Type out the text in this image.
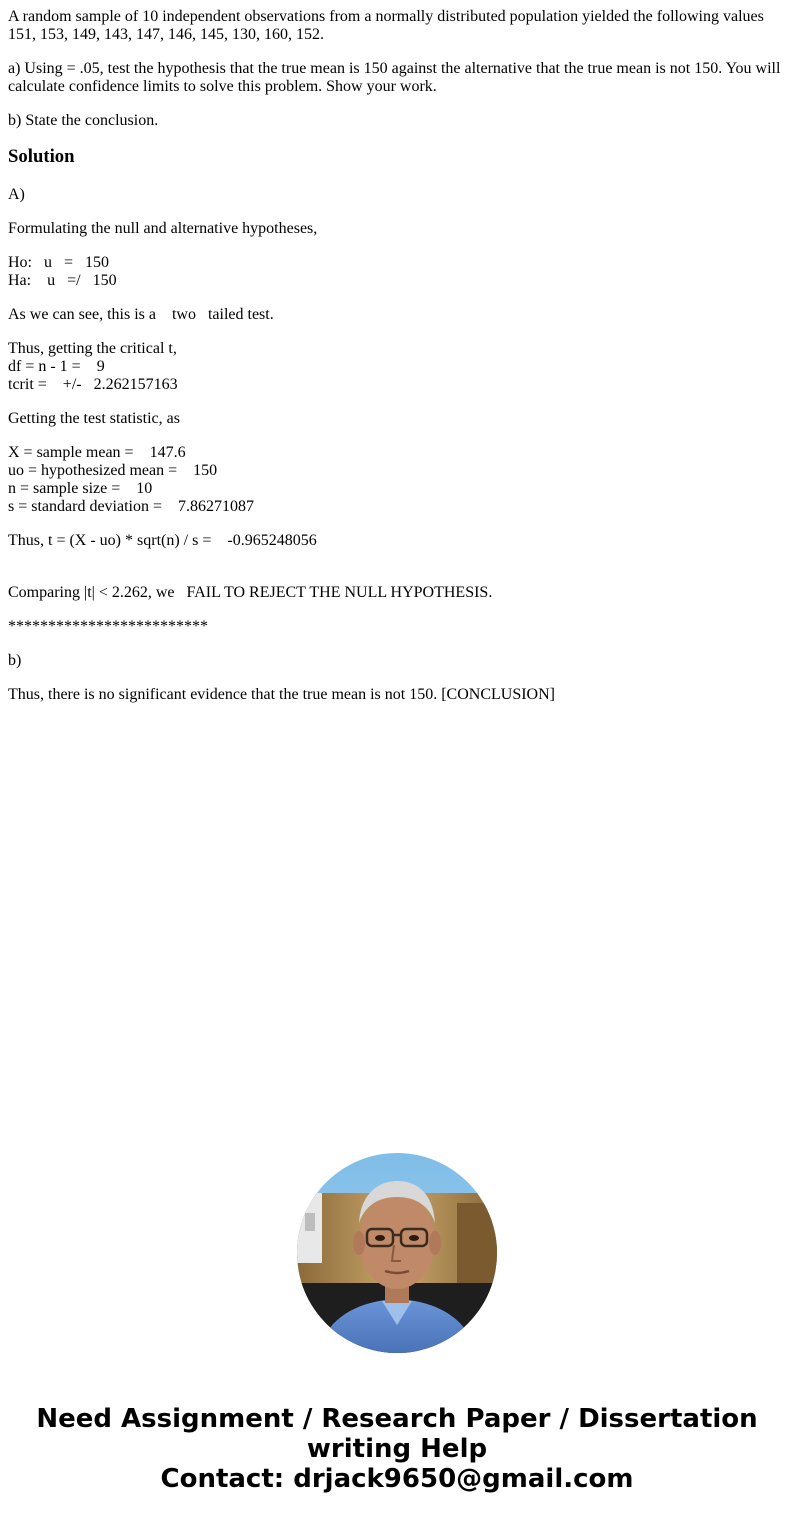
A random sample of 10 independent observations from a normally distributed population yielded the following values 151, 153, 149, 143, 147, 146, 145, 130, 160, 152.

a) Using = .05, test the hypothesis that the true mean is 150 against the alternative that the true mean is not 150. You will calculate confidence limits to solve this problem. Show your work.

b) State the conclusion.

Solution

A)

Formulating the null and alternative hypotheses,

Ho:   u   =   150
Ha:    u   =/   150
As we can see, this is a    two   tailed test.
Thus, getting the critical t,
df = n - 1 =    9
tcrit =    +/-   2.262157163
Getting the test statistic, as
X = sample mean =    147.6
uo = hypothesized mean =    150
n = sample size =    10
s = standard deviation =    7.86271087
Thus, t = (X - uo) * sqrt(n) / s =    -0.965248056

Comparing |t| < 2.262, we   FAIL TO REJECT THE NULL HYPOTHESIS.

*************************

b)

Thus, there is no significant evidence that the true mean is not 150. [CONCLUSION]

Need Assignment / Research Paper / Dissertation
writing Help
Contact: drjack9650@gmail.com
